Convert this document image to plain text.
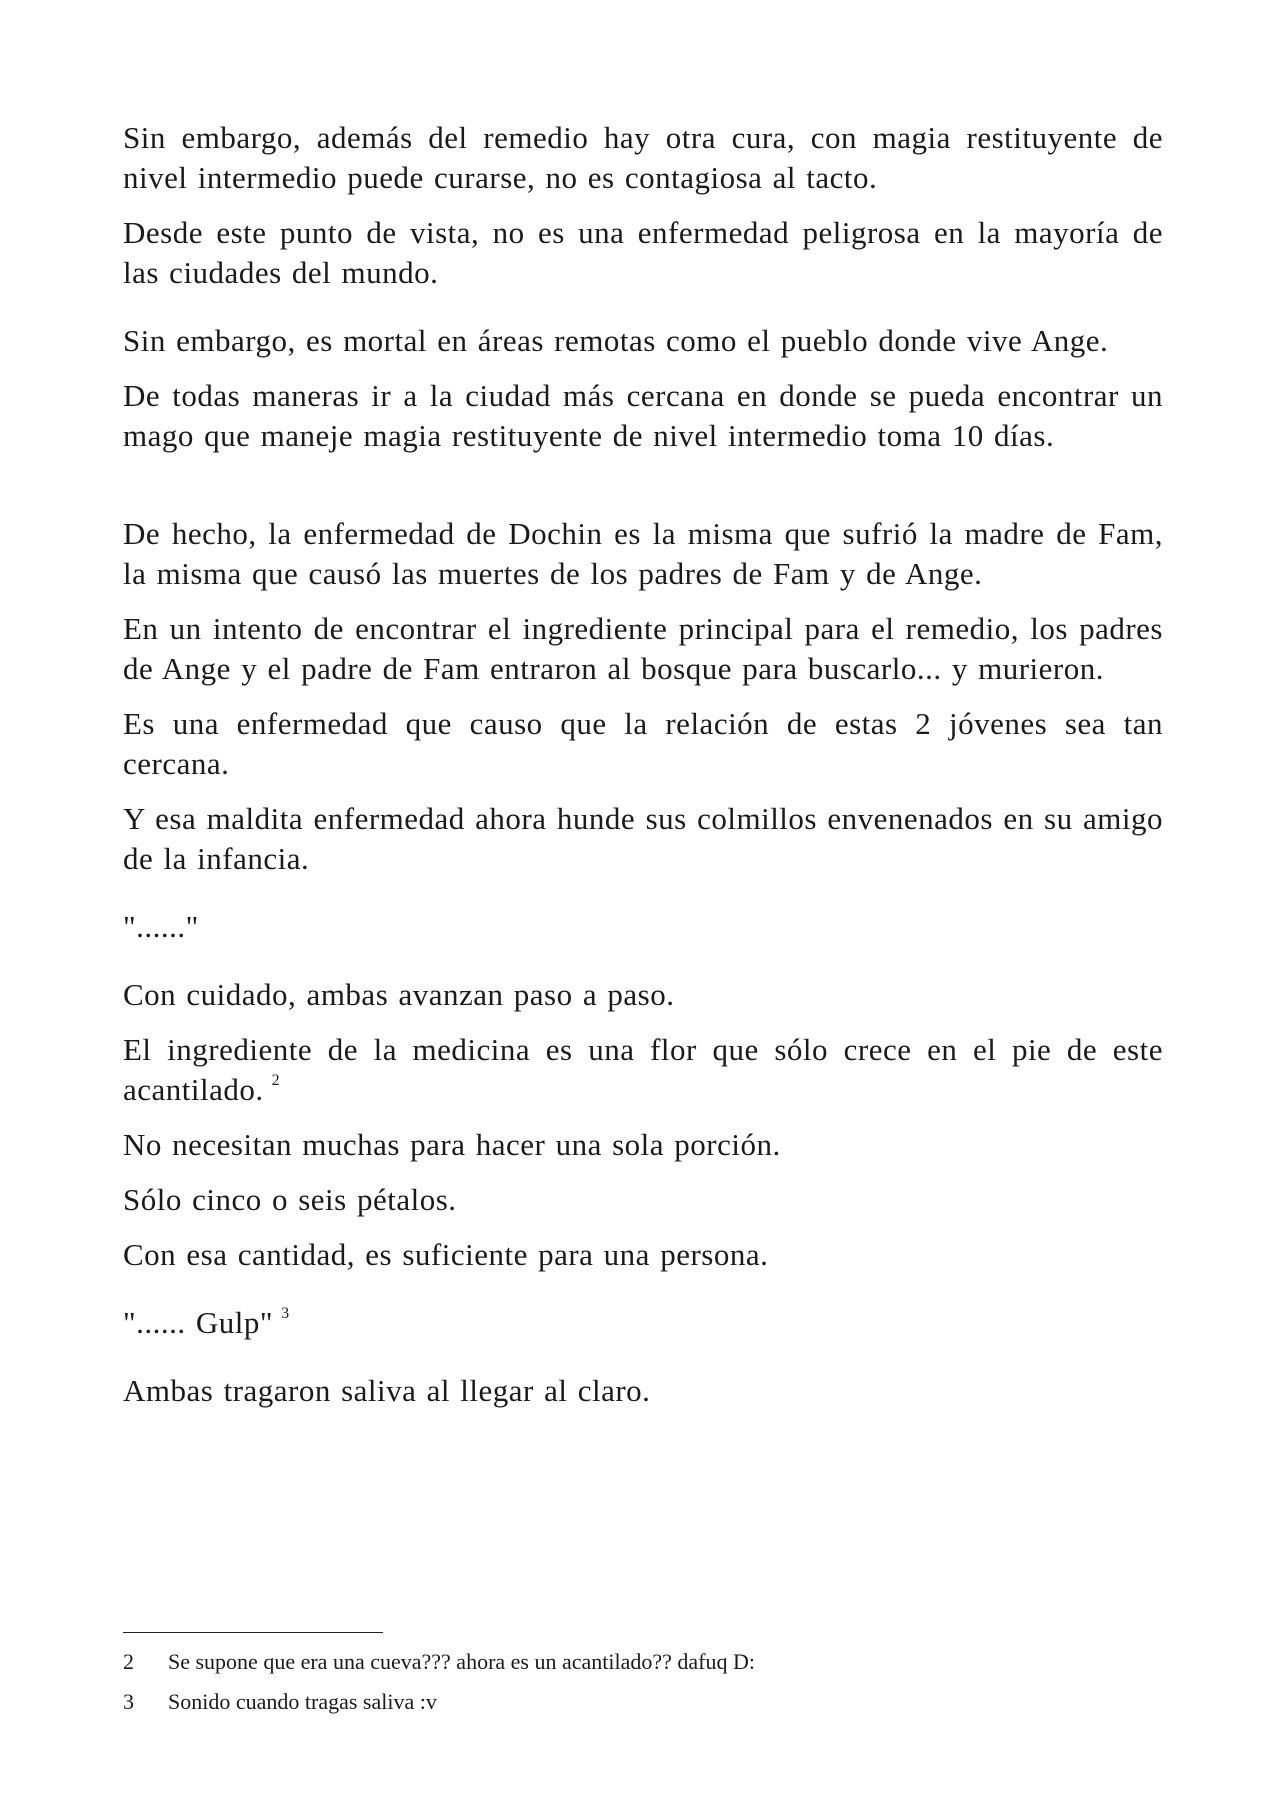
Sin embargo, además del remedio hay otra cura, con magia restituyente de nivel intermedio puede curarse, no es contagiosa al tacto.

Desde este punto de vista, no es una enfermedad peligrosa en la mayoría de las ciudades del mundo.

Sin embargo, es mortal en áreas remotas como el pueblo donde vive Ange.

De todas maneras ir a la ciudad más cercana en donde se pueda encontrar un mago que maneje magia restituyente de nivel intermedio toma 10 días.

De hecho, la enfermedad de Dochin es la misma que sufrió la madre de Fam, la misma que causó las muertes de los padres de Fam y de Ange.

En un intento de encontrar el ingrediente principal para el remedio, los padres de Ange y el padre de Fam entraron al bosque para buscarlo... y murieron.

Es una enfermedad que causo que la relación de estas 2 jóvenes sea tan cercana.

Y esa maldita enfermedad ahora hunde sus colmillos envenenados en su amigo de la infancia.

"......"

Con cuidado, ambas avanzan paso a paso.

El ingrediente de la medicina es una flor que sólo crece en el pie de este acantilado. $^2$

No necesitan muchas para hacer una sola porción.

Sólo cinco o seis pétalos.

Con esa cantidad, es suficiente para una persona.

"...... Gulp" $^3$

Ambas tragaron saliva al llegar al claro.

2	Se supone que era una cueva??? ahora es un acantilado?? dafuq D:
3	Sonido cuando tragas saliva :v
